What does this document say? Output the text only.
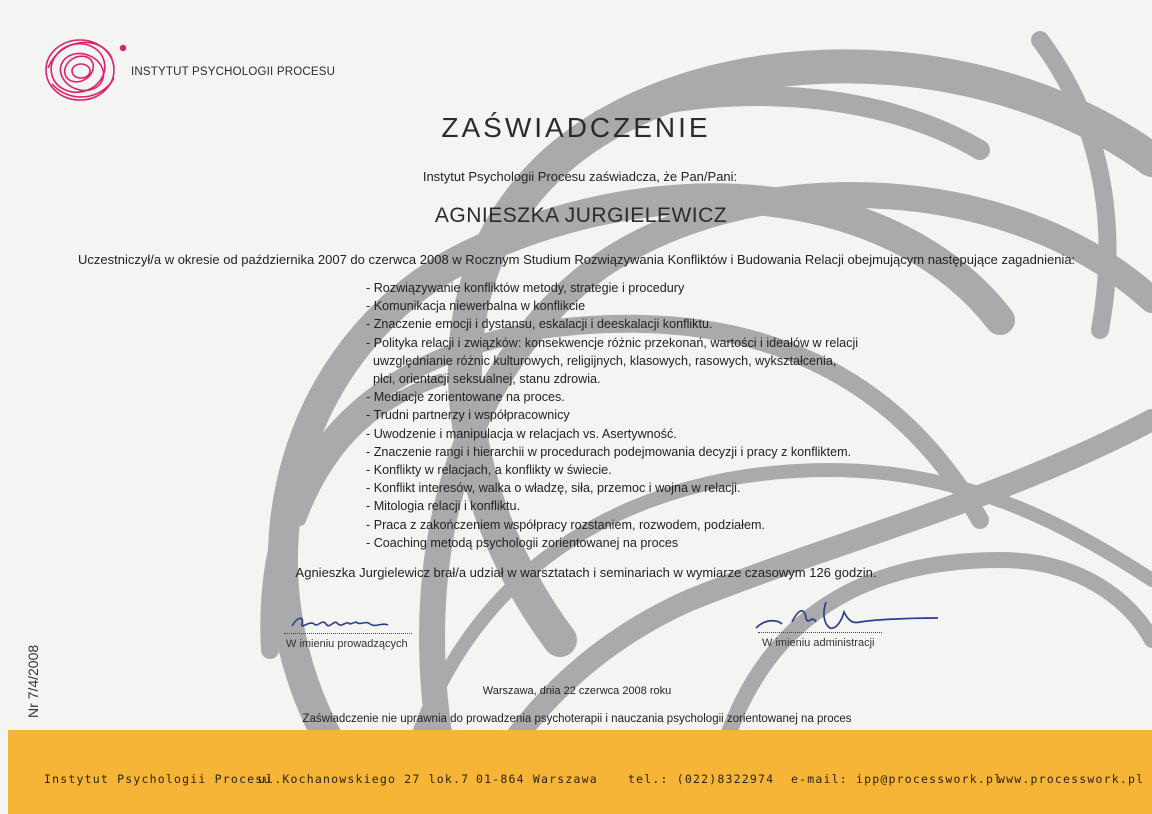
INSTYTUT PSYCHOLOGII PROCESU
ZAŚWIADCZENIE
Instytut Psychologii Procesu zaświadcza, że Pan/Pani:
AGNIESZKA JURGIELEWICZ
Uczestniczył/a w okresie od października 2007 do czerwca 2008 w Rocznym Studium Rozwiązywania Konfliktów i Budowania Relacji obejmującym następujące zagadnienia:
- Rozwiązywanie konfliktów metody, strategie i procedury
- Komunikacja niewerbalna w konflikcie
- Znaczenie emocji i dystansu, eskalacji i deeskalacji konfliktu.
- Polityka relacji i związków: konsekwencje różnic przekonań, wartości i ideałów w relacji
uwzględnianie różnic kulturowych, religijnych, klasowych, rasowych, wykształcenia,
płci, orientacji seksualnej, stanu zdrowia.
- Mediacje zorientowane na proces.
- Trudni partnerzy i współpracownicy
- Uwodzenie i manipulacja w relacjach vs. Asertywność.
- Znaczenie rangi i hierarchii w procedurach podejmowania decyzji i pracy z konfliktem.
- Konflikty w relacjach, a konflikty w świecie.
- Konflikt interesów, walka o władzę, siła, przemoc i wojna w relacji.
- Mitologia relacji i konfliktu.
- Praca z zakończeniem współpracy rozstaniem, rozwodem, podziałem.
- Coaching metodą psychologii zorientowanej na proces
Agnieszka Jurgielewicz brał/a udział w warsztatach i seminariach w wymiarze czasowym 126 godzin.
W imieniu prowadzących	W imieniu administracji
Nr 7/4/2008	Warszawa, dnia 22 czerwca 2008 roku
Zaświadczenie nie uprawnia do prowadzenia psychoterapii i nauczania psychologii zorientowanej na proces
Instytut Psychologii Procesu
ul.Kochanowskiego 27 lok.7 01-864 Warszawa	tel.: (022)8322974 e-mail: ipp@processwork.pl
www.processwork.pl
